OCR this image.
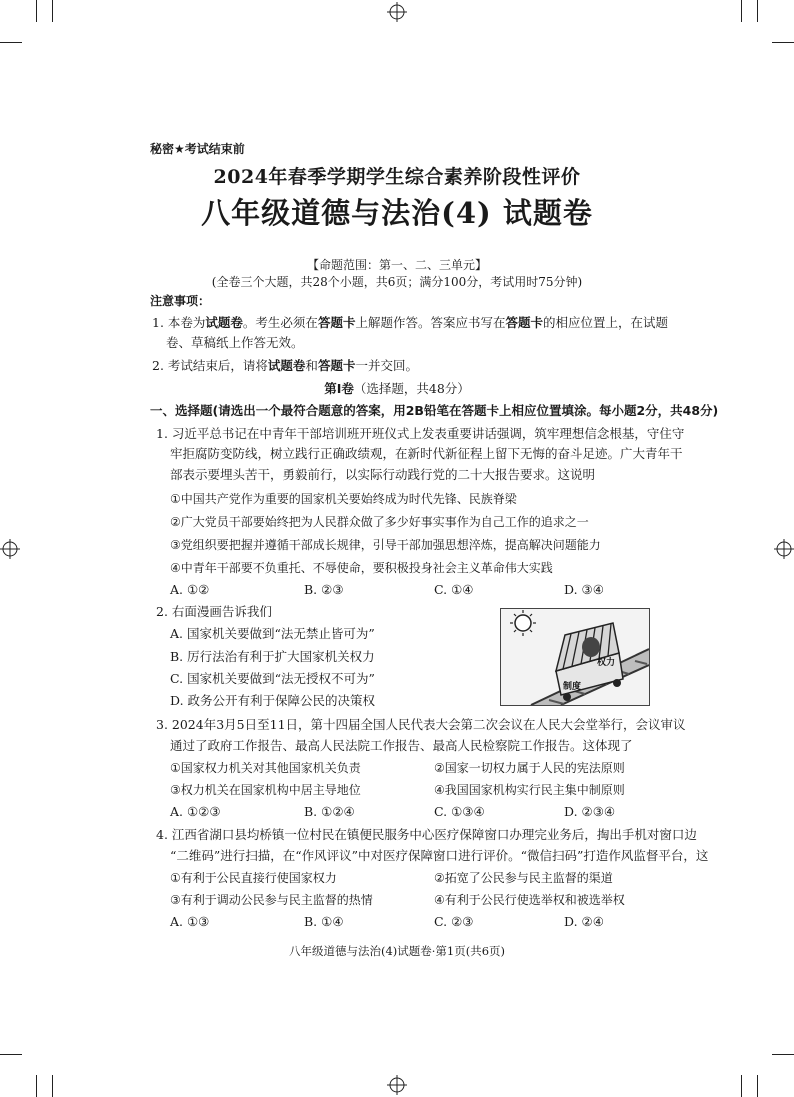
秘密★考试结束前
2024年春季学期学生综合素养阶段性评价
八年级道德与法治(4) 试题卷
【命题范围：第一、二、三单元】
(全卷三个大题，共28个小题，共6页；满分100分，考试用时75分钟)
注意事项：
1. 本卷为试题卷。考生必须在答题卡上解题作答。答案应书写在答题卡的相应位置上，在试题
卷、草稿纸上作答无效。
2. 考试结束后，请将试题卷和答题卡一并交回。
第Ⅰ卷（选择题，共48分）
一、选择题(请选出一个最符合题意的答案，用2B铅笔在答题卡上相应位置填涂。每小题2分，共48分)
1. 习近平总书记在中青年干部培训班开班仪式上发表重要讲话强调，筑牢理想信念根基，守住守
牢拒腐防变防线，树立践行正确政绩观，在新时代新征程上留下无悔的奋斗足迹。广大青年干
部表示要埋头苦干，勇毅前行，以实际行动践行党的二十大报告要求。这说明
①中国共产党作为重要的国家机关要始终成为时代先锋、民族脊梁
②广大党员干部要始终把为人民群众做了多少好事实事作为自己工作的追求之一
③党组织要把握并遵循干部成长规律，引导干部加强思想淬炼，提高解决问题能力
④中青年干部要不负重托、不辱使命，要积极投身社会主义革命伟大实践
A. ①②	B. ②③	C. ①④	D. ③④
2. 右面漫画告诉我们
A. 国家机关要做到“法无禁止皆可为”
B. 厉行法治有利于扩大国家机关权力
C. 国家机关要做到“法无授权不可为”
D. 政务公开有利于保障公民的决策权
权力
制度
3. 2024年3月5日至11日，第十四届全国人民代表大会第二次会议在人民大会堂举行，会议审议
通过了政府工作报告、最高人民法院工作报告、最高人民检察院工作报告。这体现了
①国家权力机关对其他国家机关负责	②国家一切权力属于人民的宪法原则
③权力机关在国家机构中居主导地位	④我国国家机构实行民主集中制原则
A. ①②③	B. ①②④	C. ①③④	D. ②③④
4. 江西省湖口县均桥镇一位村民在镇便民服务中心医疗保障窗口办理完业务后，掏出手机对窗口边
“二维码”进行扫描，在“作风评议”中对医疗保障窗口进行评价。“微信扫码”打造作风监督平台，这
①有利于公民直接行使国家权力	②拓宽了公民参与民主监督的渠道
③有利于调动公民参与民主监督的热情	④有利于公民行使选举权和被选举权
A. ①③	B. ①④	C. ②③	D. ②④
八年级道德与法治(4)试题卷·第1页(共6页)
